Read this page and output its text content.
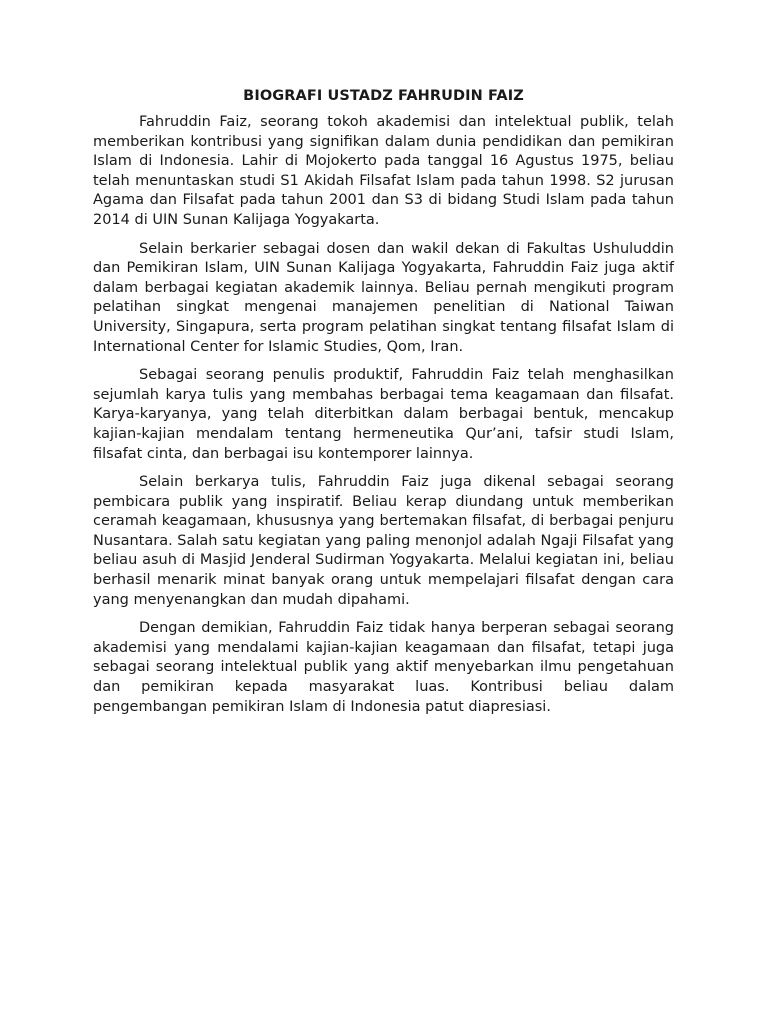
BIOGRAFI USTADZ FAHRUDIN FAIZ

Fahruddin Faiz, seorang tokoh akademisi dan intelektual publik, telah memberikan kontribusi yang signifikan dalam dunia pendidikan dan pemikiran Islam di Indonesia. Lahir di Mojokerto pada tanggal 16 Agustus 1975, beliau telah menuntaskan studi S1 Akidah Filsafat Islam pada tahun 1998. S2 jurusan Agama dan Filsafat pada tahun 2001 dan S3 di bidang Studi Islam pada tahun 2014 di UIN Sunan Kalijaga Yogyakarta.

Selain berkarier sebagai dosen dan wakil dekan di Fakultas Ushuluddin dan Pemikiran Islam, UIN Sunan Kalijaga Yogyakarta, Fahruddin Faiz juga aktif dalam berbagai kegiatan akademik lainnya. Beliau pernah mengikuti program pelatihan singkat mengenai manajemen penelitian di National Taiwan University, Singapura, serta program pelatihan singkat tentang filsafat Islam di International Center for Islamic Studies, Qom, Iran.

Sebagai seorang penulis produktif, Fahruddin Faiz telah menghasilkan sejumlah karya tulis yang membahas berbagai tema keagamaan dan filsafat. Karya-karyanya, yang telah diterbitkan dalam berbagai bentuk, mencakup kajian-kajian mendalam tentang hermeneutika Qur’ani, tafsir studi Islam, filsafat cinta, dan berbagai isu kontemporer lainnya.

Selain berkarya tulis, Fahruddin Faiz juga dikenal sebagai seorang pembicara publik yang inspiratif. Beliau kerap diundang untuk memberikan ceramah keagamaan, khususnya yang bertemakan filsafat, di berbagai penjuru Nusantara. Salah satu kegiatan yang paling menonjol adalah Ngaji Filsafat yang beliau asuh di Masjid Jenderal Sudirman Yogyakarta. Melalui kegiatan ini, beliau berhasil menarik minat banyak orang untuk mempelajari filsafat dengan cara yang menyenangkan dan mudah dipahami.

Dengan demikian, Fahruddin Faiz tidak hanya berperan sebagai seorang akademisi yang mendalami kajian-kajian keagamaan dan filsafat, tetapi juga sebagai seorang intelektual publik yang aktif menyebarkan ilmu pengetahuan dan pemikiran kepada masyarakat luas. Kontribusi beliau dalam pengembangan pemikiran Islam di Indonesia patut diapresiasi.
